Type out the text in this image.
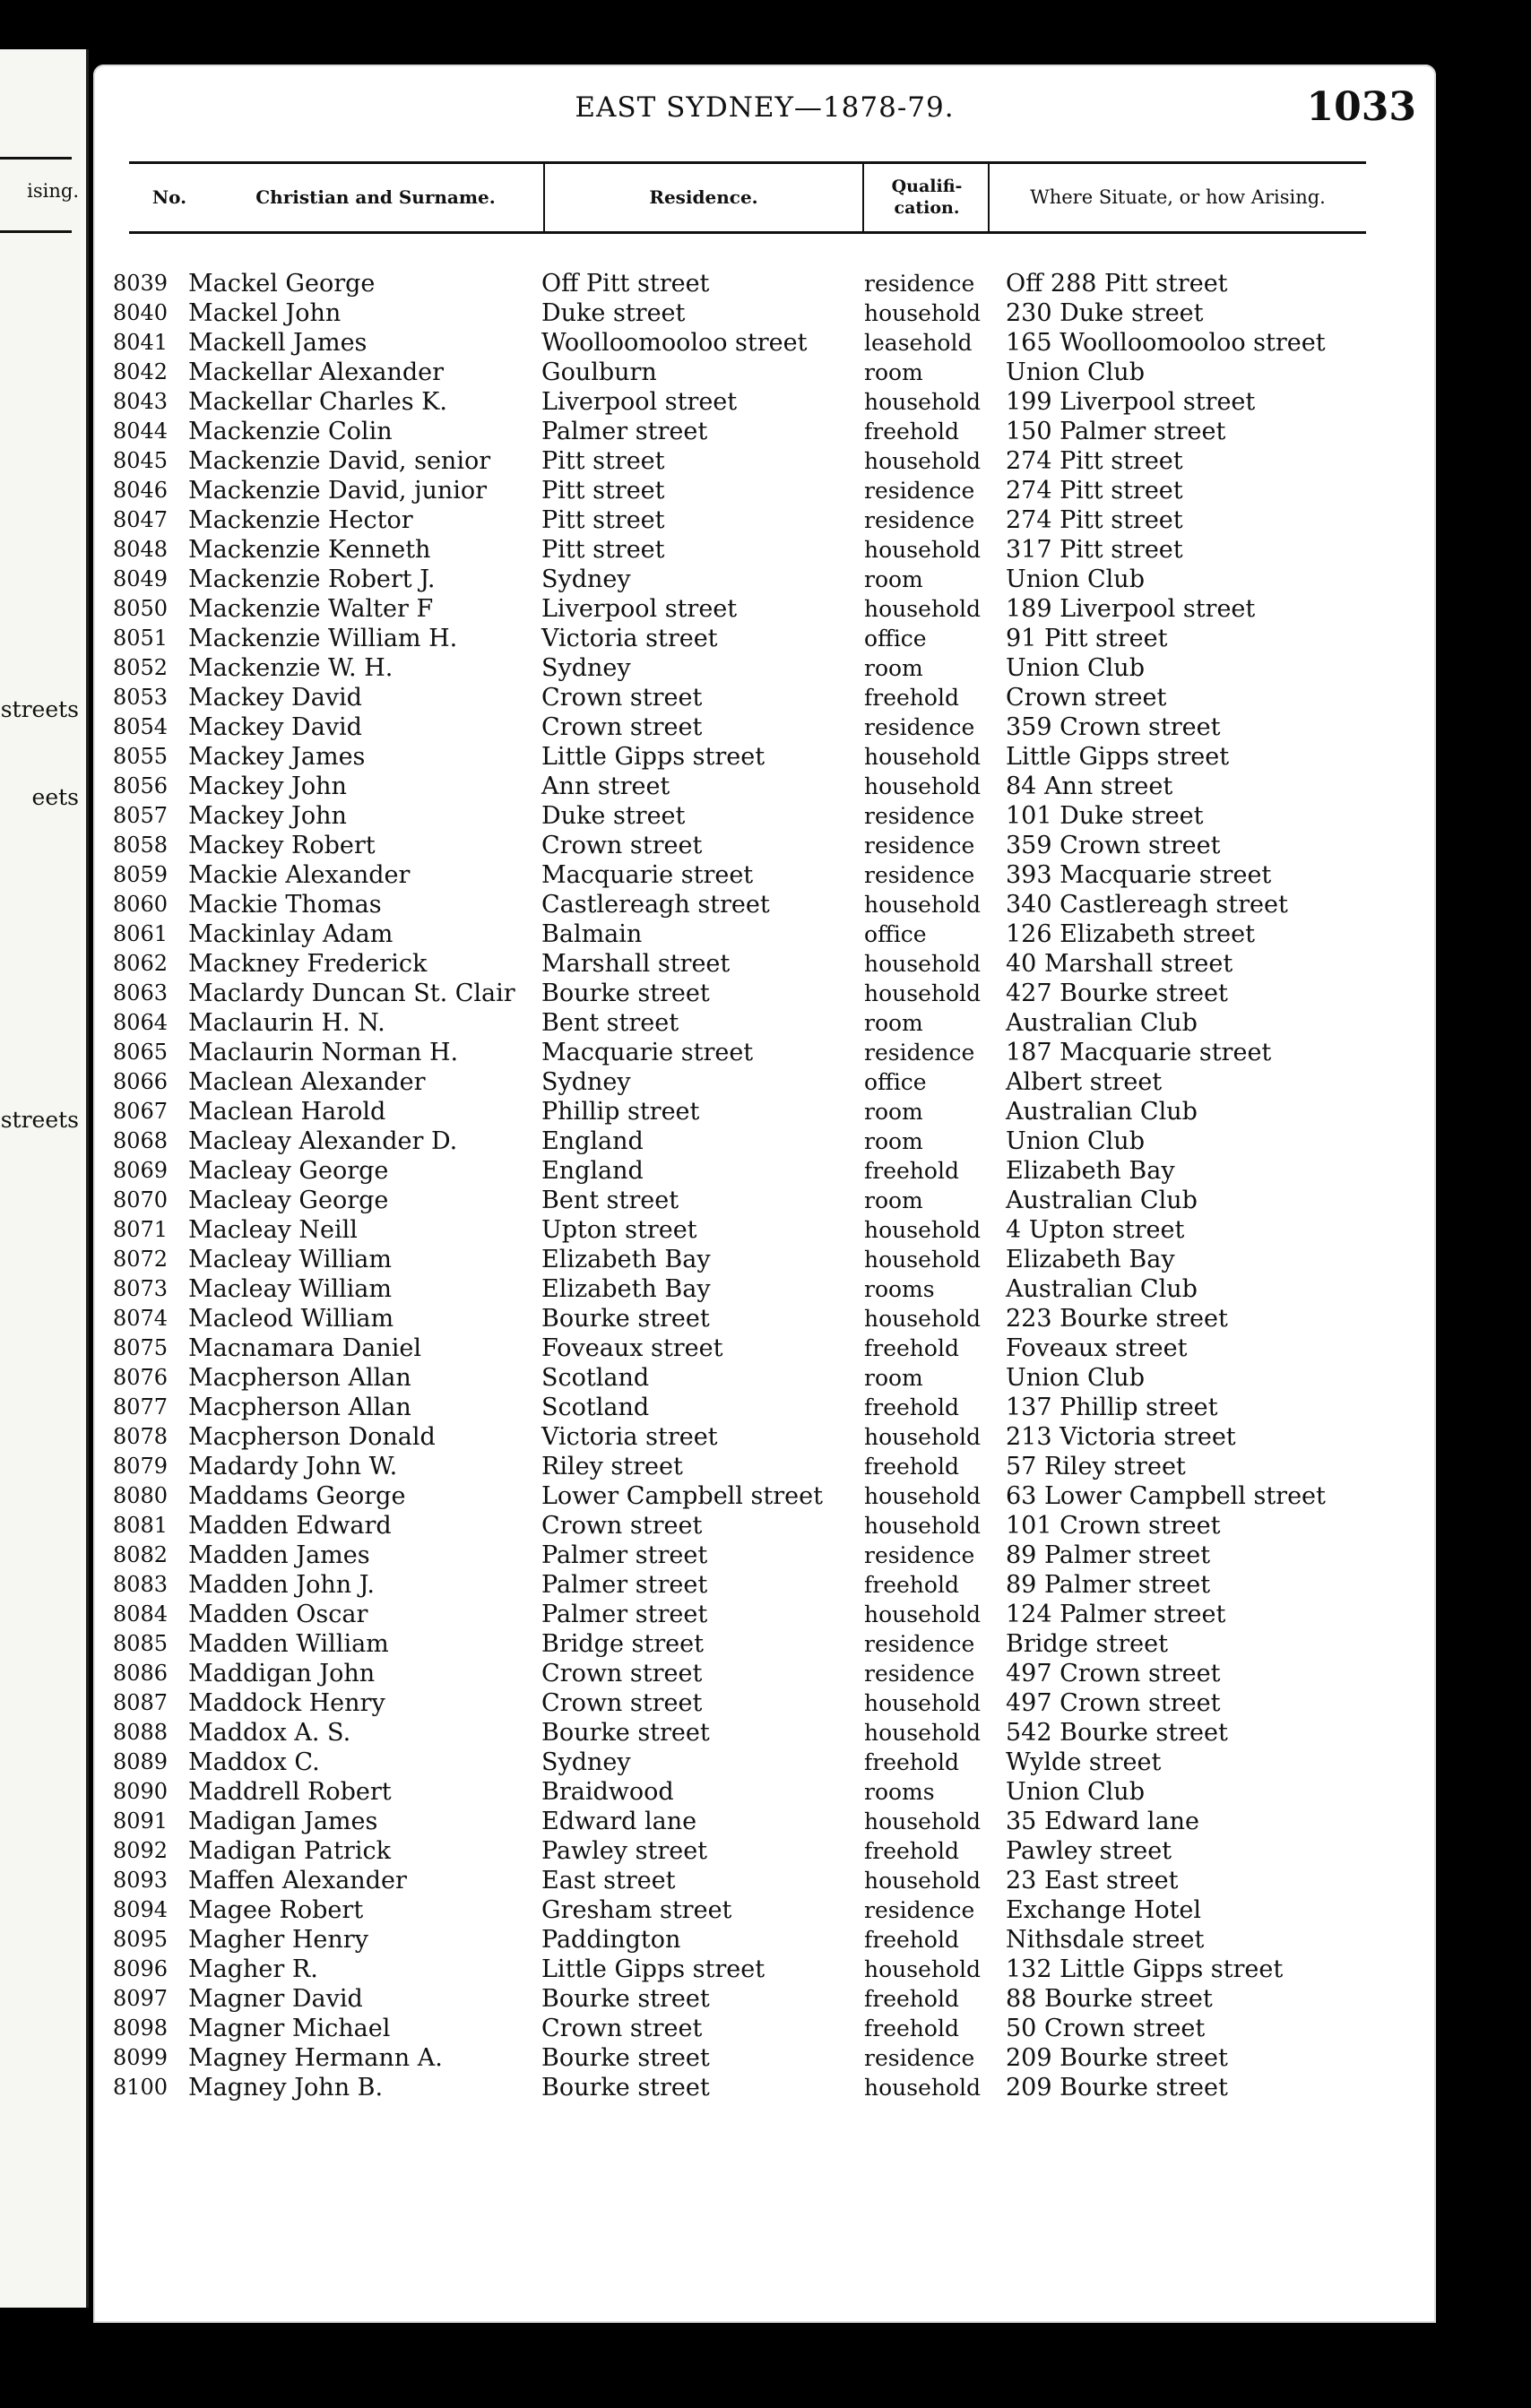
ising.
streets
eets
streets
EAST SYDNEY—1878-79.	1033
No.	Christian and Surname.	Residence.	Qualifi-cation.	Where Situate, or how Arising.
8039 Mackel George	Off Pitt street	residence Off 288 Pitt street
8040 Mackel John	Duke street	household 230 Duke street
8041 Mackell James	Woolloomooloo street	leasehold 165 Woolloomooloo street
8042 Mackellar Alexander	Goulburn	room	Union Club
8043 Mackellar Charles K.	Liverpool street	household 199 Liverpool street
8044 Mackenzie Colin	Palmer street	freehold 150 Palmer street
8045 Mackenzie David, senior Pitt street	household 274 Pitt street
8046 Mackenzie David, junior Pitt street	residence 274 Pitt street
8047 Mackenzie Hector	Pitt street	residence 274 Pitt street
8048 Mackenzie Kenneth	Pitt street	household 317 Pitt street
8049 Mackenzie Robert J.	Sydney	room	Union Club
8050 Mackenzie Walter F	Liverpool street	household 189 Liverpool street
8051 Mackenzie William H.	Victoria street	office	91 Pitt street
8052 Mackenzie W. H.	Sydney	room	Union Club
8053 Mackey David	Crown street	freehold Crown street
8054 Mackey David	Crown street	residence 359 Crown street
8055 Mackey James	Little Gipps street	household Little Gipps street
8056 Mackey John	Ann street	household 84 Ann street
8057 Mackey John	Duke street	residence 101 Duke street
8058 Mackey Robert	Crown street	residence 359 Crown street
8059 Mackie Alexander	Macquarie street	residence 393 Macquarie street
8060 Mackie Thomas	Castlereagh street	household 340 Castlereagh street
8061 Mackinlay Adam	Balmain	office	126 Elizabeth street
8062 Mackney Frederick	Marshall street	household 40 Marshall street
8063 Maclardy Duncan St. Clair Bourke street	household 427 Bourke street
8064 Maclaurin H. N.	Bent street	room	Australian Club
8065 Maclaurin Norman H.	Macquarie street	residence 187 Macquarie street
8066 Maclean Alexander	Sydney	office	Albert street
8067 Maclean Harold	Phillip street	room	Australian Club
8068 Macleay Alexander D.	England	room	Union Club
8069 Macleay George	England	freehold Elizabeth Bay
8070 Macleay George	Bent street	room	Australian Club
8071 Macleay Neill	Upton street	household 4 Upton street
8072 Macleay William	Elizabeth Bay	household Elizabeth Bay
8073 Macleay William	Elizabeth Bay	rooms	Australian Club
8074 Macleod William	Bourke street	household 223 Bourke street
8075 Macnamara Daniel	Foveaux street	freehold Foveaux street
8076 Macpherson Allan	Scotland	room	Union Club
8077 Macpherson Allan	Scotland	freehold 137 Phillip street
8078 Macpherson Donald	Victoria street	household 213 Victoria street
8079 Madardy John W.	Riley street	freehold 57 Riley street
8080 Maddams George	Lower Campbell street household 63 Lower Campbell street
8081 Madden Edward	Crown street	household 101 Crown street
8082 Madden James	Palmer street	residence 89 Palmer street
8083 Madden John J.	Palmer street	freehold 89 Palmer street
8084 Madden Oscar	Palmer street	household 124 Palmer street
8085 Madden William	Bridge street	residence Bridge street
8086 Maddigan John	Crown street	residence 497 Crown street
8087 Maddock Henry	Crown street	household 497 Crown street
8088 Maddox A. S.	Bourke street	household 542 Bourke street
8089 Maddox C.	Sydney	freehold Wylde street
8090 Maddrell Robert	Braidwood	rooms	Union Club
8091 Madigan James	Edward lane	household 35 Edward lane
8092 Madigan Patrick	Pawley street	freehold Pawley street
8093 Maffen Alexander	East street	household 23 East street
8094 Magee Robert	Gresham street	residence Exchange Hotel
8095 Magher Henry	Paddington	freehold Nithsdale street
8096 Magher R.	Little Gipps street	household 132 Little Gipps street
8097 Magner David	Bourke street	freehold 88 Bourke street
8098 Magner Michael	Crown street	freehold 50 Crown street
8099 Magney Hermann A.	Bourke street	residence 209 Bourke street
8100 Magney John B.	Bourke street	household 209 Bourke street
